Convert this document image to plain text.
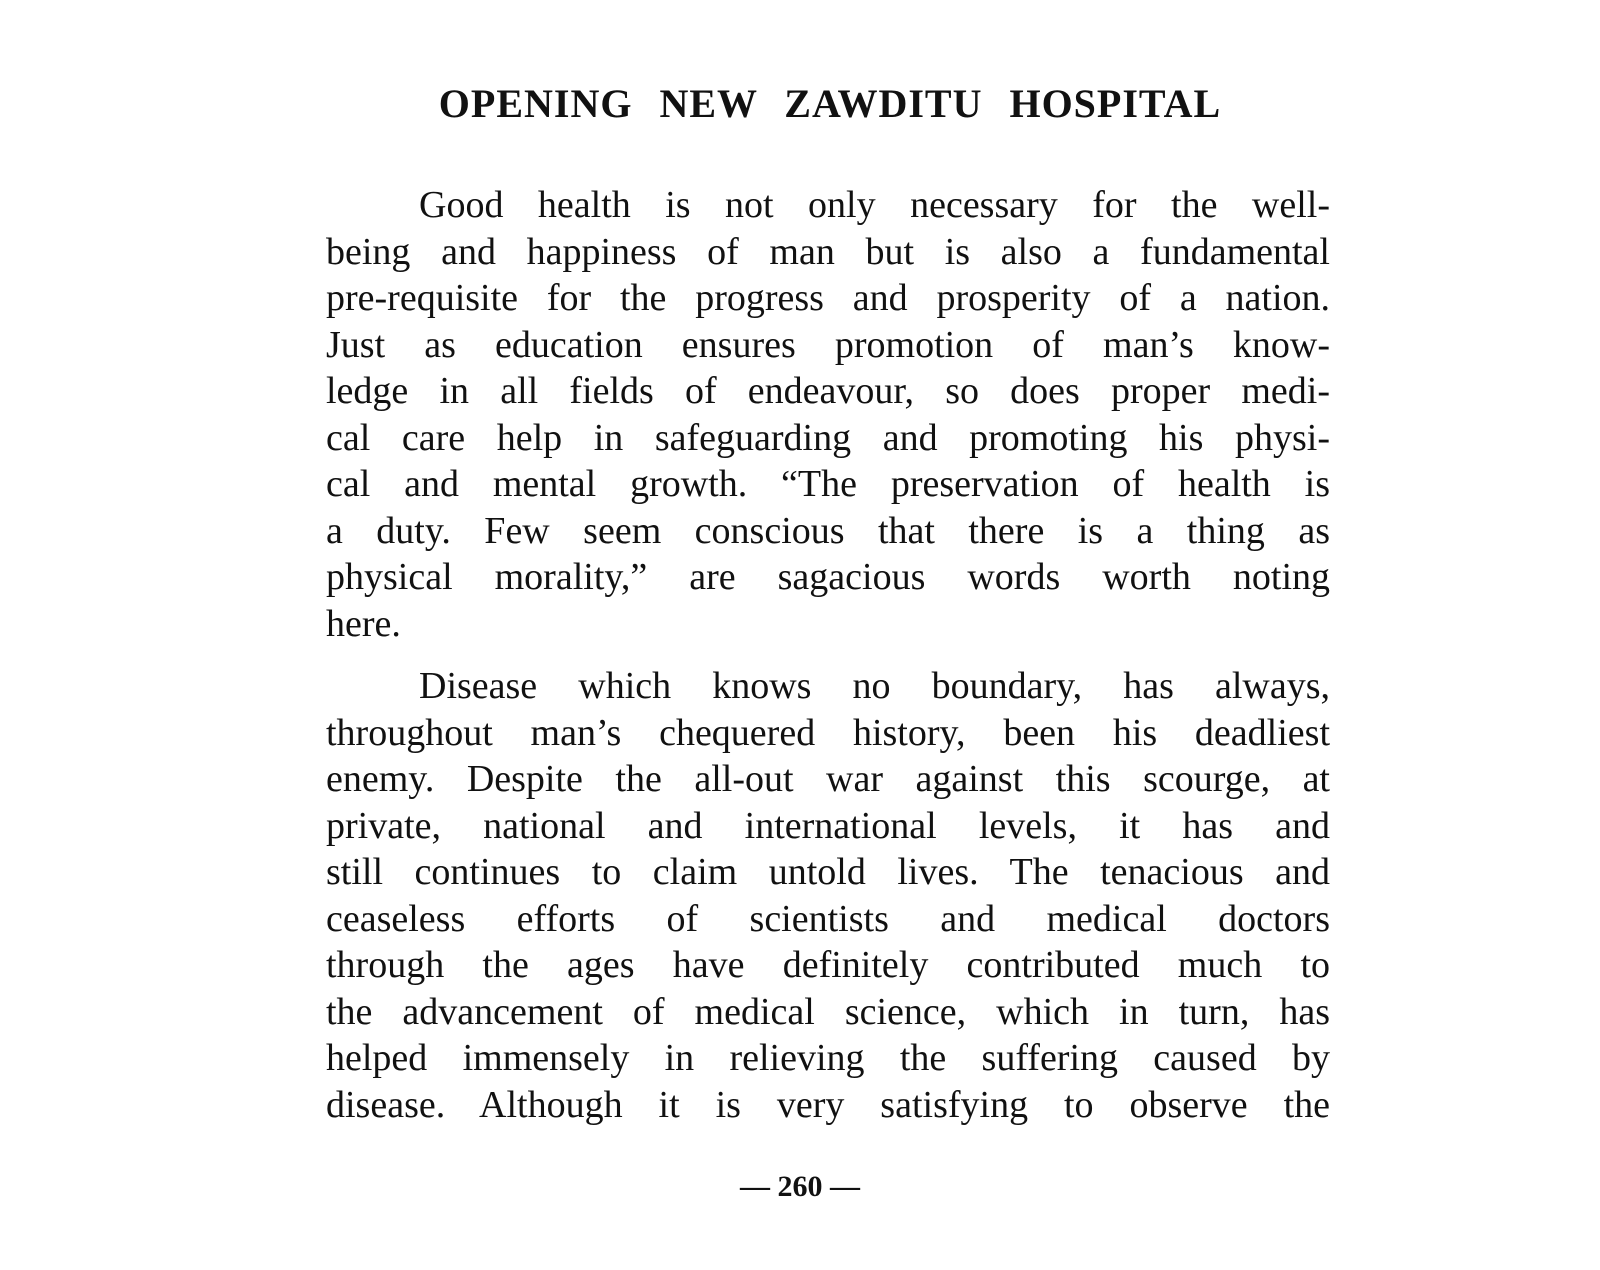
OPENING NEW ZAWDITU HOSPITAL
Good health is not only necessary for the well-
being and happiness of man but is also a fundamental
pre-requisite for the progress and prosperity of a nation.
Just as education ensures promotion of man’s know-
ledge in all fields of endeavour, so does proper medi-
cal care help in safeguarding and promoting his physi-
cal and mental growth. “The preservation of health is
a duty. Few seem conscious that there is a thing as
physical morality,” are sagacious words worth noting
here.
Disease which knows no boundary, has always,
throughout man’s chequered history, been his deadliest
enemy. Despite the all-out war against this scourge, at
private, national and international levels, it has and
still continues to claim untold lives. The tenacious and
ceaseless efforts of scientists and medical doctors
through the ages have definitely contributed much to
the advancement of medical science, which in turn, has
helped immensely in relieving the suffering caused by
disease. Although it is very satisfying to observe the

— 260 —
